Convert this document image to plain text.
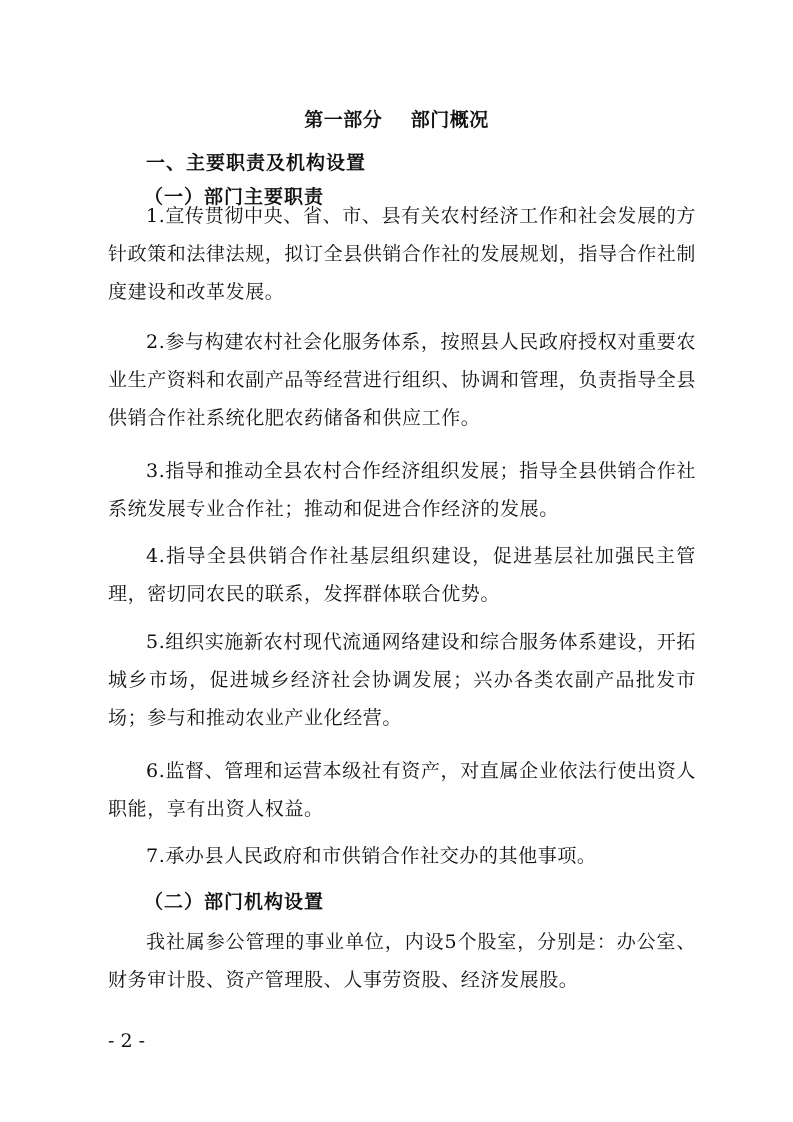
第一部分    部门概况
一、主要职责及机构设置
（一）部门主要职责

1.宣传贯彻中央、省、市、县有关农村经济工作和社会发展的方针政策和法律法规，拟订全县供销合作社的发展规划，指导合作社制度建设和改革发展。

2.参与构建农村社会化服务体系，按照县人民政府授权对重要农业生产资料和农副产品等经营进行组织、协调和管理，负责指导全县供销合作社系统化肥农药储备和供应工作。

3.指导和推动全县农村合作经济组织发展；指导全县供销合作社系统发展专业合作社；推动和促进合作经济的发展。

4.指导全县供销合作社基层组织建设，促进基层社加强民主管理，密切同农民的联系，发挥群体联合优势。

5.组织实施新农村现代流通网络建设和综合服务体系建设，开拓城乡市场，促进城乡经济社会协调发展；兴办各类农副产品批发市场；参与和推动农业产业化经营。

6.监督、管理和运营本级社有资产，对直属企业依法行使出资人职能，享有出资人权益。

7.承办县人民政府和市供销合作社交办的其他事项。

（二）部门机构设置

我社属参公管理的事业单位，内设5个股室，分别是：办公室、财务审计股、资产管理股、人事劳资股、经济发展股。

- 2 -
